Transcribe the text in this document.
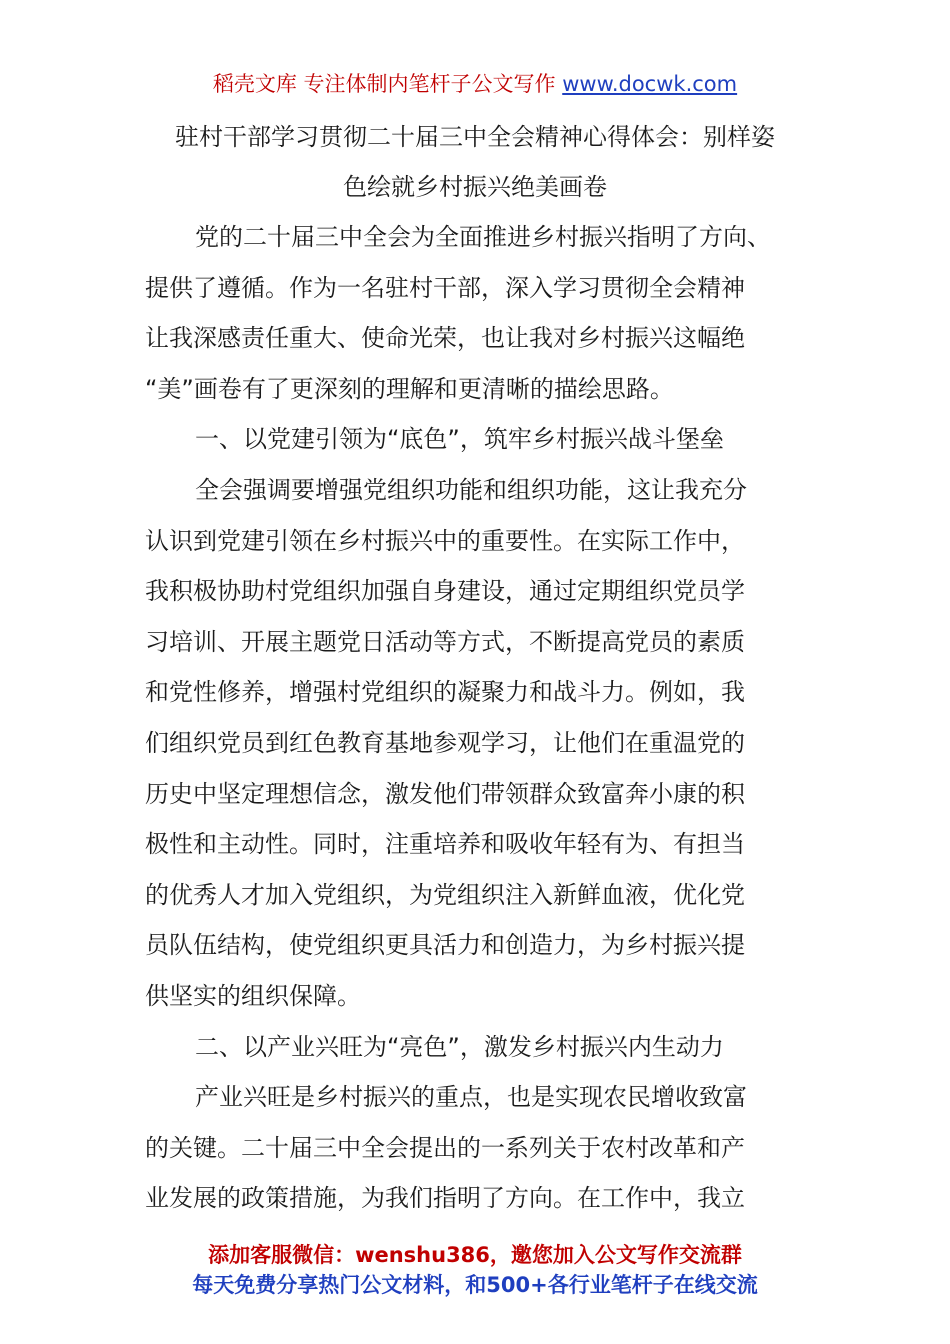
稻壳文库 专注体制内笔杆子公文写作 www.docwk.com
驻村干部学习贯彻二十届三中全会精神心得体会：别样姿
色绘就乡村振兴绝美画卷
党的二十届三中全会为全面推进乡村振兴指明了方向、
提供了遵循。作为一名驻村干部，深入学习贯彻全会精神
让我深感责任重大、使命光荣，也让我对乡村振兴这幅绝
“美”画卷有了更深刻的理解和更清晰的描绘思路。
一、以党建引领为“底色”，筑牢乡村振兴战斗堡垒
全会强调要增强党组织功能和组织功能，这让我充分
认识到党建引领在乡村振兴中的重要性。在实际工作中，
我积极协助村党组织加强自身建设，通过定期组织党员学
习培训、开展主题党日活动等方式，不断提高党员的素质
和党性修养，增强村党组织的凝聚力和战斗力。例如，我
们组织党员到红色教育基地参观学习，让他们在重温党的
历史中坚定理想信念，激发他们带领群众致富奔小康的积
极性和主动性。同时，注重培养和吸收年轻有为、有担当
的优秀人才加入党组织，为党组织注入新鲜血液，优化党
员队伍结构，使党组织更具活力和创造力，为乡村振兴提
供坚实的组织保障。
二、以产业兴旺为“亮色”，激发乡村振兴内生动力
产业兴旺是乡村振兴的重点，也是实现农民增收致富
的关键。二十届三中全会提出的一系列关于农村改革和产
业发展的政策措施，为我们指明了方向。在工作中，我立
添加客服微信：wenshu386，邀您加入公文写作交流群
每天免费分享热门公文材料，和500+各行业笔杆子在线交流
